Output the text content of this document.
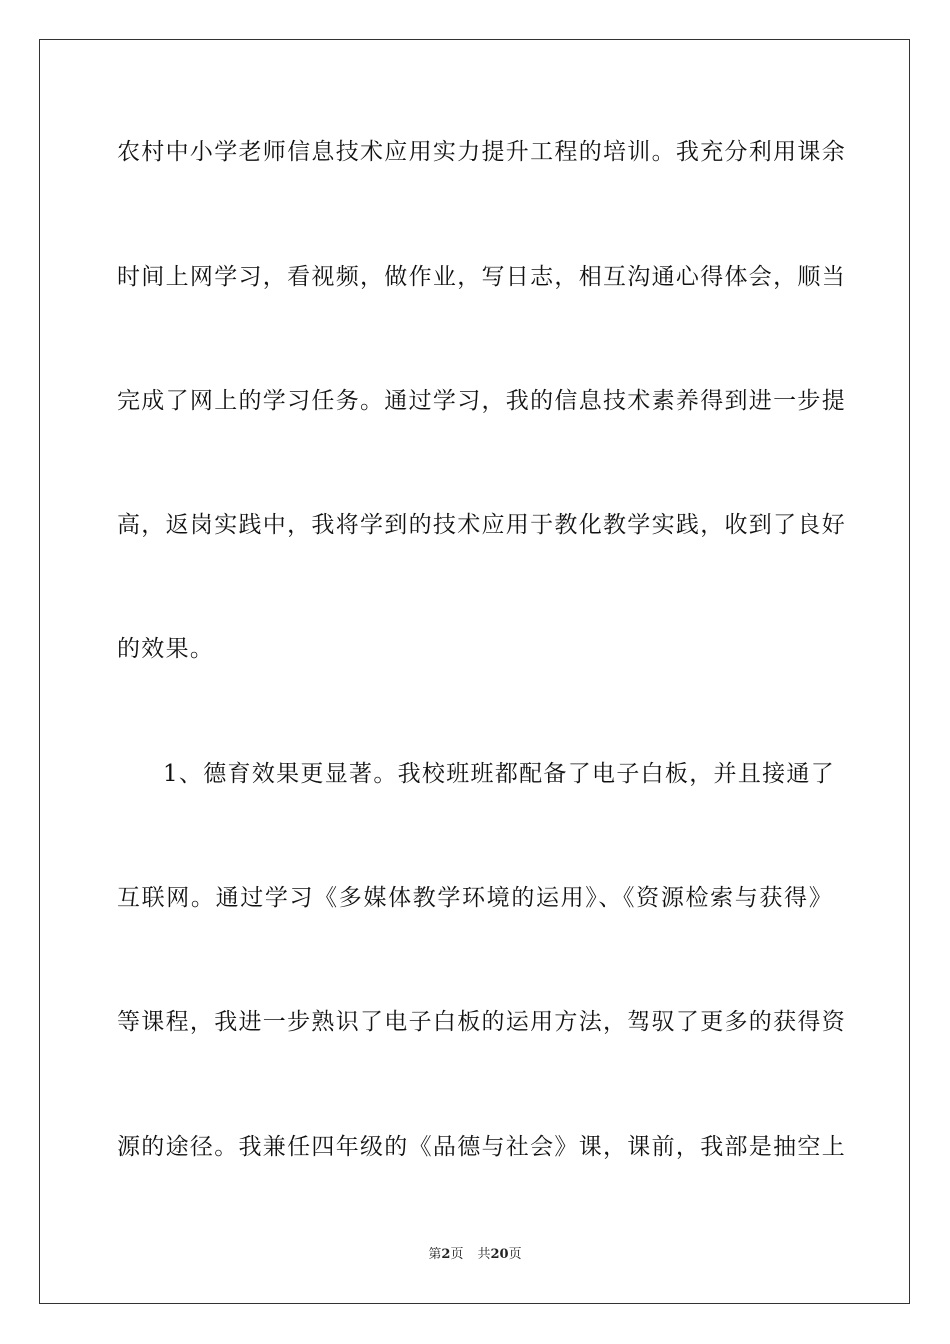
农村中小学老师信息技术应用实力提升工程的培训。我充分利用课余
时间上网学习，看视频，做作业，写日志，相互沟通心得体会，顺当
完成了网上的学习任务。通过学习，我的信息技术素养得到进一步提
高，返岗实践中，我将学到的技术应用于教化教学实践，收到了良好
的效果。
1、德育效果更显著。我校班班都配备了电子白板，并且接通了
互联网。通过学习《多媒体教学环境的运用》、《资源检索与获得》
等课程，我进一步熟识了电子白板的运用方法，驾驭了更多的获得资
源的途径。我兼任四年级的《品德与社会》课，课前，我部是抽空上
第2页 共20页
